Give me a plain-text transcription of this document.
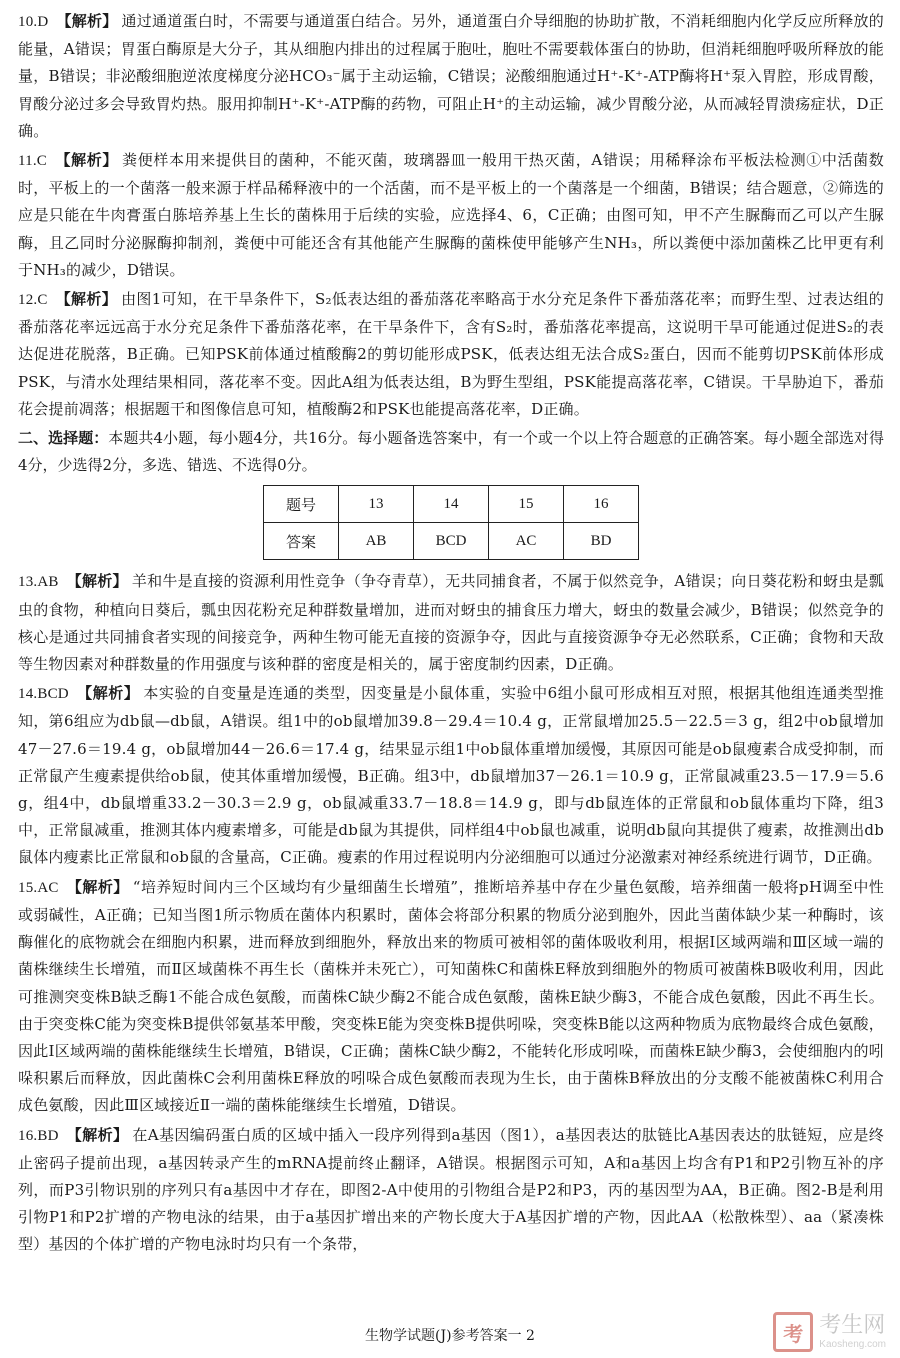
10.D 【解析】 通过通道蛋白时，不需要与通道蛋白结合。另外，通道蛋白介导细胞的协助扩散，不消耗细胞内化学反应所释放的能量，A错误；胃蛋白酶原是大分子，其从细胞内排出的过程属于胞吐，胞吐不需要载体蛋白的协助，但消耗细胞呼吸所释放的能量，B错误；非泌酸细胞逆浓度梯度分泌HCO₃⁻属于主动运输，C错误；泌酸细胞通过H⁺-K⁺-ATP酶将H⁺泵入胃腔，形成胃酸，胃酸分泌过多会导致胃灼热。服用抑制H⁺-K⁺-ATP酶的药物，可阻止H⁺的主动运输，减少胃酸分泌，从而减轻胃溃疡症状，D正确。

11.C 【解析】 粪便样本用来提供目的菌种，不能灭菌，玻璃器皿一般用干热灭菌，A错误；用稀释涂布平板法检测①中活菌数时，平板上的一个菌落一般来源于样品稀释液中的一个活菌，而不是平板上的一个菌落是一个细菌，B错误；结合题意，②筛选的应是只能在牛肉膏蛋白胨培养基上生长的菌株用于后续的实验，应选择4、6，C正确；由图可知，甲不产生脲酶而乙可以产生脲酶，且乙同时分泌脲酶抑制剂，粪便中可能还含有其他能产生脲酶的菌株使甲能够产生NH₃，所以粪便中添加菌株乙比甲更有利于NH₃的减少，D错误。

12.C 【解析】 由图1可知，在干旱条件下，S₂低表达组的番茄落花率略高于水分充足条件下番茄落花率；而野生型、过表达组的番茄落花率远远高于水分充足条件下番茄落花率，在干旱条件下，含有S₂时，番茄落花率提高，这说明干旱可能通过促进S₂的表达促进花脱落，B正确。已知PSK前体通过植酸酶2的剪切能形成PSK，低表达组无法合成S₂蛋白，因而不能剪切PSK前体形成PSK，与清水处理结果相同，落花率不变。因此A组为低表达组，B为野生型组，PSK能提高落花率，C错误。干旱胁迫下，番茄花会提前凋落；根据题干和图像信息可知，植酸酶2和PSK也能提高落花率，D正确。

二、选择题：本题共4小题，每小题4分，共16分。每小题备选答案中，有一个或一个以上符合题意的正确答案。每小题全部选对得4分，少选得2分，多选、错选、不选得0分。

题号	13	14	15	16
答案	AB	BCD	AC	BD

13.AB 【解析】 羊和牛是直接的资源利用性竞争（争夺青草），无共同捕食者，不属于似然竞争，A错误；向日葵花粉和蚜虫是瓢虫的食物，种植向日葵后，瓢虫因花粉充足种群数量增加，进而对蚜虫的捕食压力增大，蚜虫的数量会减少，B错误；似然竞争的核心是通过共同捕食者实现的间接竞争，两种生物可能无直接的资源争夺，因此与直接资源争夺无必然联系，C正确；食物和天敌等生物因素对种群数量的作用强度与该种群的密度是相关的，属于密度制约因素，D正确。

14.BCD 【解析】 本实验的自变量是连通的类型，因变量是小鼠体重，实验中6组小鼠可形成相互对照，根据其他组连通类型推知，第6组应为db鼠—db鼠，A错误。组1中的ob鼠增加39.8－29.4＝10.4 g，正常鼠增加25.5－22.5＝3 g，组2中ob鼠增加47－27.6＝19.4 g，ob鼠增加44－26.6＝17.4 g，结果显示组1中ob鼠体重增加缓慢，其原因可能是ob鼠瘦素合成受抑制，而正常鼠产生瘦素提供给ob鼠，使其体重增加缓慢，B正确。组3中，db鼠增加37－26.1＝10.9 g，正常鼠减重23.5－17.9＝5.6 g，组4中，db鼠增重33.2－30.3＝2.9 g，ob鼠减重33.7－18.8＝14.9 g，即与db鼠连体的正常鼠和ob鼠体重均下降，组3中，正常鼠减重，推测其体内瘦素增多，可能是db鼠为其提供，同样组4中ob鼠也减重，说明db鼠向其提供了瘦素，故推测出db鼠体内瘦素比正常鼠和ob鼠的含量高，C正确。瘦素的作用过程说明内分泌细胞可以通过分泌激素对神经系统进行调节，D正确。

15.AC 【解析】 “培养短时间内三个区域均有少量细菌生长增殖”，推断培养基中存在少量色氨酸，培养细菌一般将pH调至中性或弱碱性，A正确；已知当图1所示物质在菌体内积累时，菌体会将部分积累的物质分泌到胞外，因此当菌体缺少某一种酶时，该酶催化的底物就会在细胞内积累，进而释放到细胞外，释放出来的物质可被相邻的菌体吸收利用，根据Ⅰ区域两端和Ⅲ区域一端的菌株继续生长增殖，而Ⅱ区域菌株不再生长（菌株并未死亡），可知菌株C和菌株E释放到细胞外的物质可被菌株B吸收利用，因此可推测突变株B缺乏酶1不能合成色氨酸，而菌株C缺少酶2不能合成色氨酸，菌株E缺少酶3，不能合成色氨酸，因此不再生长。由于突变株C能为突变株B提供邻氨基苯甲酸，突变株E能为突变株B提供吲哚，突变株B能以这两种物质为底物最终合成色氨酸，因此Ⅰ区域两端的菌株能继续生长增殖，B错误，C正确；菌株C缺少酶2，不能转化形成吲哚，而菌株E缺少酶3，会使细胞内的吲哚积累后而释放，因此菌株C会利用菌株E释放的吲哚合成色氨酸而表现为生长，由于菌株B释放出的分支酸不能被菌株C利用合成色氨酸，因此Ⅲ区域接近Ⅱ一端的菌株能继续生长增殖，D错误。

16.BD 【解析】 在A基因编码蛋白质的区域中插入一段序列得到a基因（图1），a基因表达的肽链比A基因表达的肽链短，应是终止密码子提前出现，a基因转录产生的mRNA提前终止翻译，A错误。根据图示可知，A和a基因上均含有P1和P2引物互补的序列，而P3引物识别的序列只有a基因中才存在，即图2-A中使用的引物组合是P2和P3，丙的基因型为AA，B正确。图2-B是利用引物P1和P2扩增的产物电泳的结果，由于a基因扩增出来的产物长度大于A基因扩增的产物，因此AA（松散株型）、aa（紧凑株型）基因的个体扩增的产物电泳时均只有一个条带，

生物学试题(J)参考答案一 2	考 考生网
Kaosheng.com
